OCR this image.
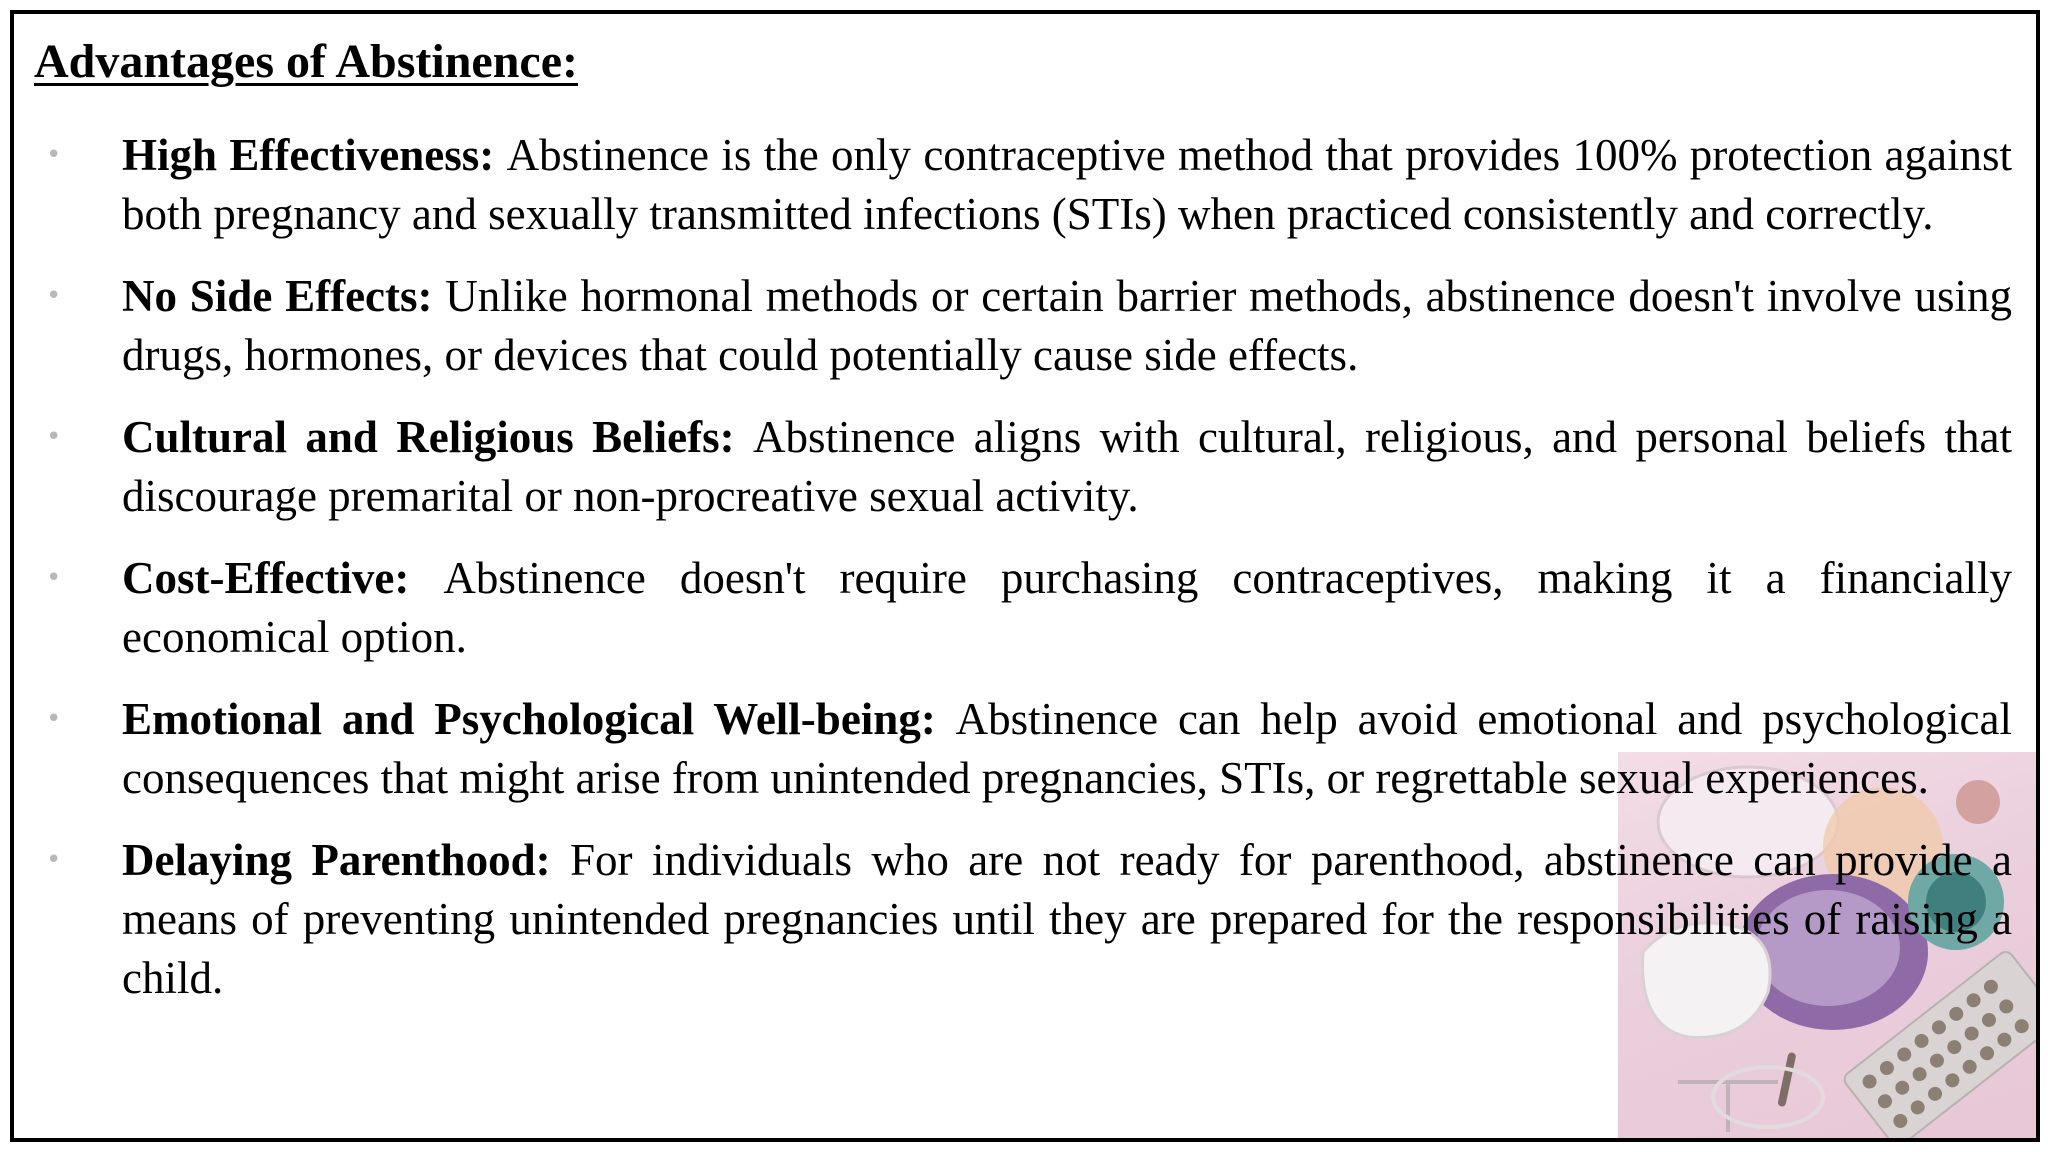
Advantages of Abstinence:
• High Effectiveness: Abstinence is the only contraceptive method that provides 100% protection against both pregnancy and sexually transmitted infections (STIs) when practiced consistently and correctly.
• No Side Effects: Unlike hormonal methods or certain barrier methods, abstinence doesn't involve using drugs, hormones, or devices that could potentially cause side effects.
• Cultural and Religious Beliefs: Abstinence aligns with cultural, religious, and personal beliefs that discourage premarital or non-procreative sexual activity.
• Cost-Effective: Abstinence doesn't require purchasing contraceptives, making it a financially economical option.
• Emotional and Psychological Well-being: Abstinence can help avoid emotional and psychological consequences that might arise from unintended pregnancies, STIs, or regrettable sexual experiences.
• Delaying Parenthood: For individuals who are not ready for parenthood, abstinence can provide a means of preventing unintended pregnancies until they are prepared for the responsibilities of raising a child.
